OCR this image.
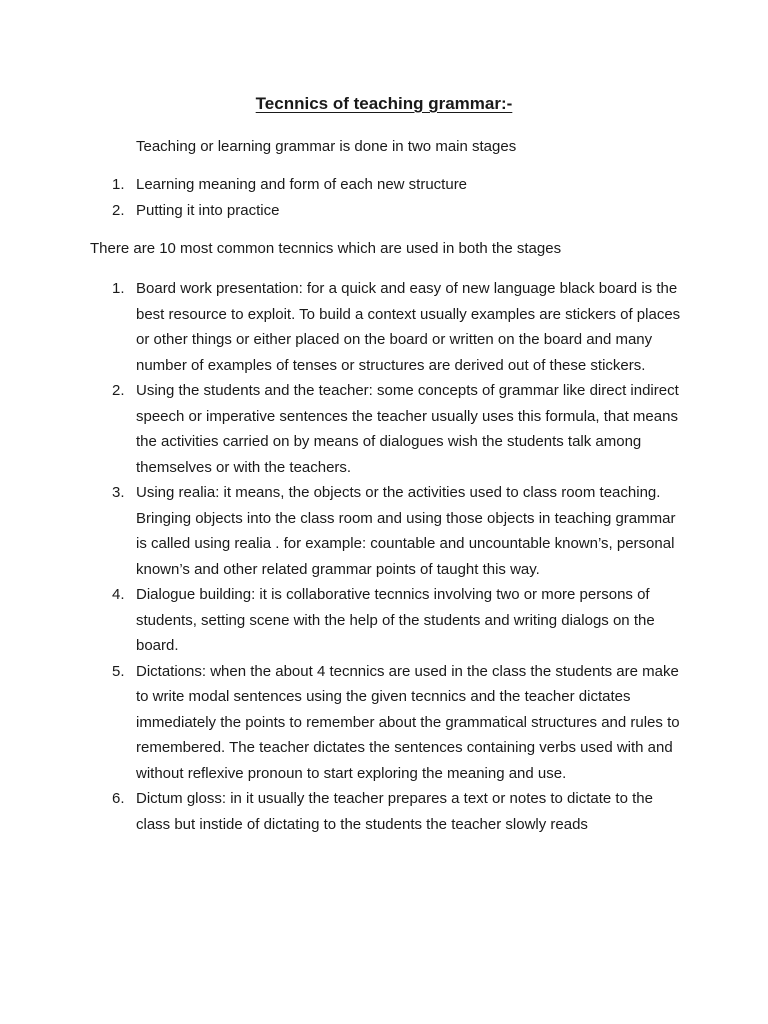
Tecnnics of teaching grammar:-
Teaching or learning grammar is done in two main stages
1. Learning meaning and form of each new structure
2. Putting it into practice
There are 10 most common tecnnics which are used in both the stages
1. Board work presentation: for a quick and easy of new language black board is the best resource to exploit. To build a context usually examples are stickers of places or other things or either placed on the board or written on the board and many number of examples of tenses or structures are derived out of these stickers.
2. Using the students and the teacher: some concepts of grammar like direct indirect speech or imperative sentences the teacher usually uses this formula, that means the activities carried on by means of dialogues wish the students talk among themselves or with the teachers.
3. Using realia: it means, the objects or the activities used to class room teaching. Bringing objects into the class room and using those objects in teaching grammar is called using realia . for example: countable and uncountable known’s, personal known’s and other related grammar points of taught this way.
4. Dialogue building: it is collaborative tecnnics involving two or more persons of students, setting scene with the help of the students and writing dialogs on the board.
5. Dictations: when the about 4 tecnnics are used in the class the students are make to write modal sentences using the given tecnnics and the teacher dictates immediately the points to remember about the grammatical structures and rules to remembered. The teacher dictates the sentences containing verbs used with and without reflexive pronoun to start exploring the meaning and use.
6. Dictum gloss: in it usually the teacher prepares a text or notes to dictate to the class but instide of dictating to the students the teacher slowly reads
